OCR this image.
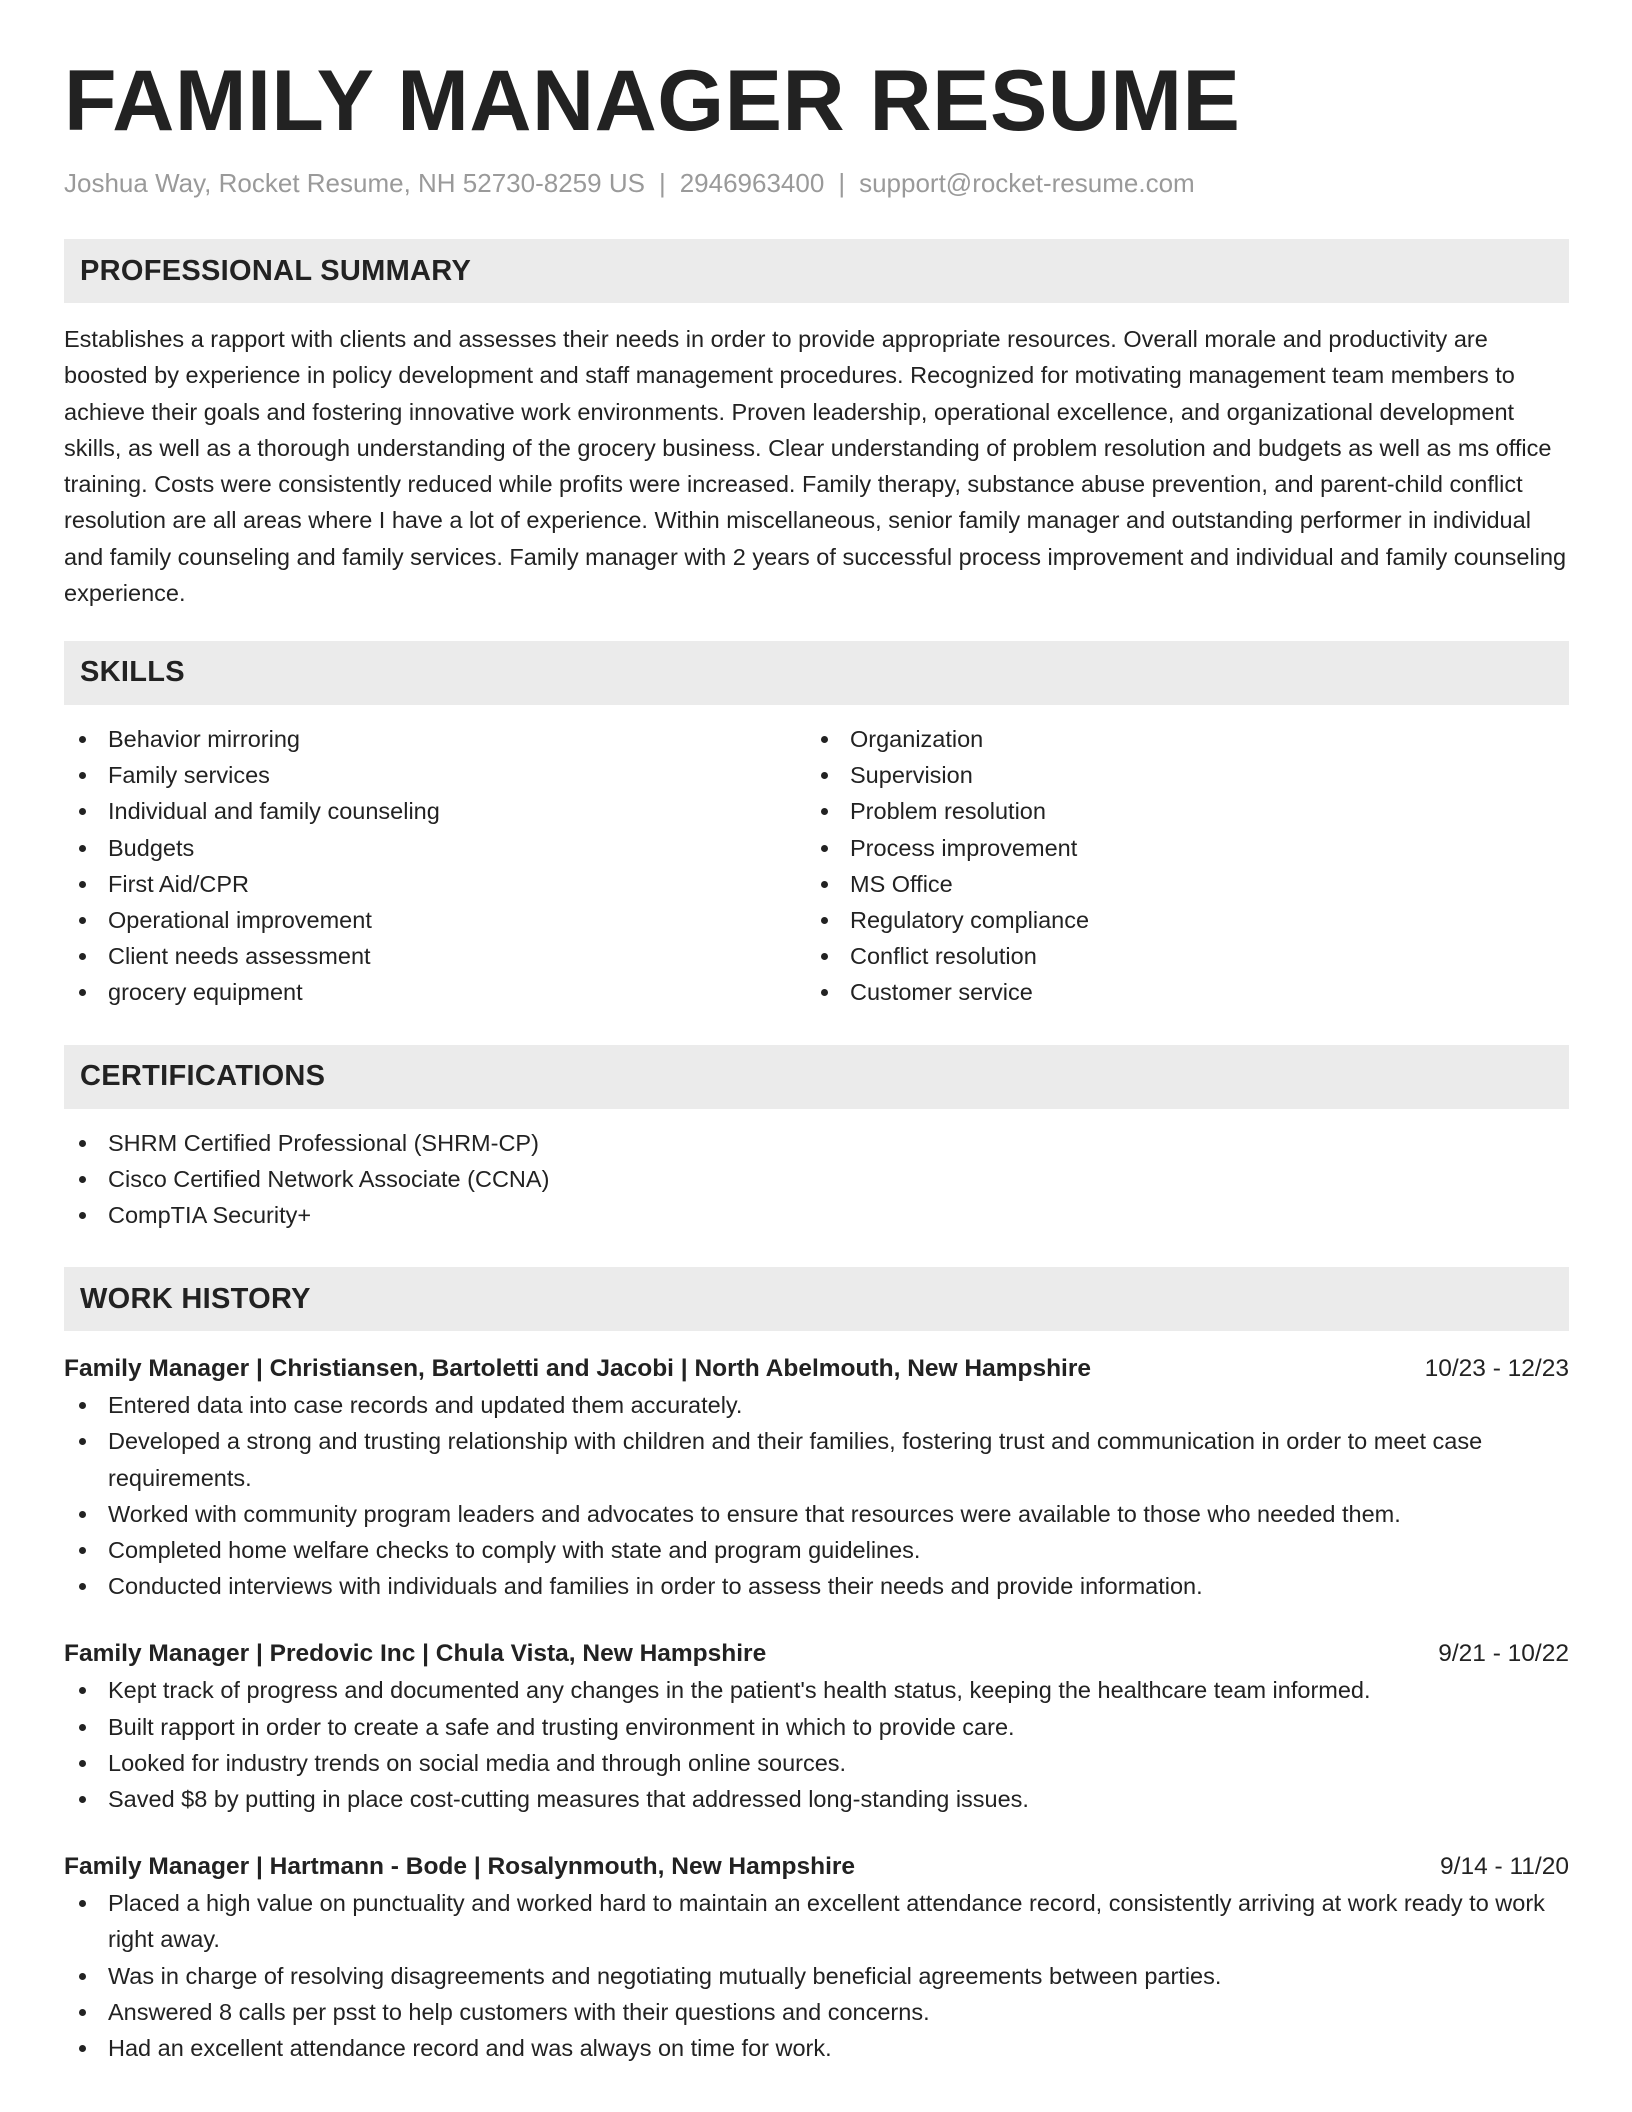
FAMILY MANAGER RESUME
Joshua Way, Rocket Resume, NH 52730-8259 US | 2946963400 | support@rocket-resume.com
PROFESSIONAL SUMMARY

Establishes a rapport with clients and assesses their needs in order to provide appropriate resources. Overall morale and productivity are boosted by experience in policy development and staff management procedures. Recognized for motivating management team members to achieve their goals and fostering innovative work environments. Proven leadership, operational excellence, and organizational development skills, as well as a thorough understanding of the grocery business. Clear understanding of problem resolution and budgets as well as ms office training. Costs were consistently reduced while profits were increased. Family therapy, substance abuse prevention, and parent-child conflict resolution are all areas where I have a lot of experience. Within miscellaneous, senior family manager and outstanding performer in individual and family counseling and family services. Family manager with 2 years of successful process improvement and individual and family counseling experience.

SKILLS
Behavior mirroring
Family services
Individual and family counseling
Budgets
First Aid/CPR
Operational improvement
Client needs assessment
grocery equipment
Organization
Supervision
Problem resolution
Process improvement
MS Office
Regulatory compliance
Conflict resolution
Customer service
CERTIFICATIONS
SHRM Certified Professional (SHRM-CP)
Cisco Certified Network Associate (CCNA)
CompTIA Security+
WORK HISTORY
Family Manager | Christiansen, Bartoletti and Jacobi | North Abelmouth, New Hampshire	10/23 - 12/23
Entered data into case records and updated them accurately.
Developed a strong and trusting relationship with children and their families, fostering trust and communication in order to meet case requirements.
Worked with community program leaders and advocates to ensure that resources were available to those who needed them.
Completed home welfare checks to comply with state and program guidelines.
Conducted interviews with individuals and families in order to assess their needs and provide information.
Family Manager | Predovic Inc | Chula Vista, New Hampshire	9/21 - 10/22
Kept track of progress and documented any changes in the patient's health status, keeping the healthcare team informed.
Built rapport in order to create a safe and trusting environment in which to provide care.
Looked for industry trends on social media and through online sources.
Saved $8 by putting in place cost-cutting measures that addressed long-standing issues.
Family Manager | Hartmann - Bode | Rosalynmouth, New Hampshire	9/14 - 11/20
Placed a high value on punctuality and worked hard to maintain an excellent attendance record, consistently arriving at work ready to work right away.
Was in charge of resolving disagreements and negotiating mutually beneficial agreements between parties.
Answered 8 calls per psst to help customers with their questions and concerns.
Had an excellent attendance record and was always on time for work.
